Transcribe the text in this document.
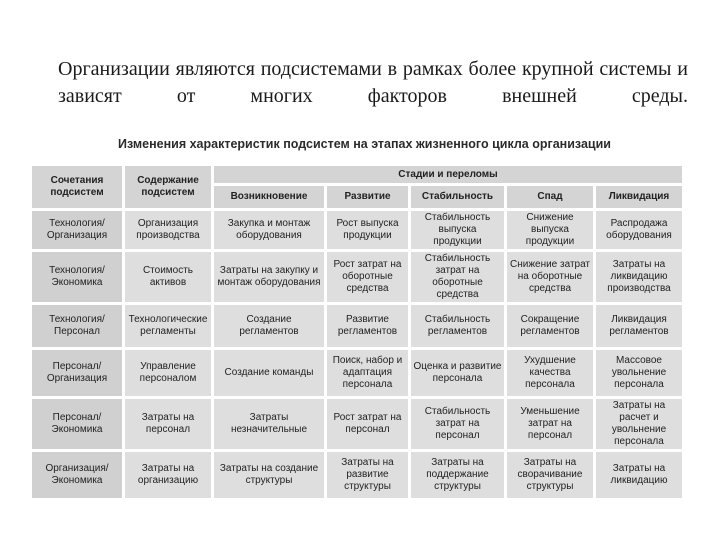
Организации являются подсистемами в рамках более крупной системы и зависят от многих факторов внешней среды.

Изменения характеристик подсистем на этапах жизненного цикла организации

Сочетания подсистем	Содержание подсистем	Стадии и переломы				
		Возникновение	Развитие	Стабильность	Спад	Ликвидация
Технология/ Организация	Организация производства	Закупка и монтаж оборудования	Рост выпуска продукции	Стабильность выпуска продукции	Снижение выпуска продукции	Распродажа оборудования
Технология/ Экономика	Стоимость активов	Затраты на закупку и монтаж оборудования	Рост затрат на оборотные средства	Стабильность затрат на оборотные средства	Снижение затрат на оборотные средства	Затраты на ликвидацию производства
Технология/ Персонал	Технологические регламенты	Создание регламентов	Развитие регламентов	Стабильность регламентов	Сокращение регламентов	Ликвидация регламентов
Персонал/ Организация	Управление персоналом	Создание команды	Поиск, набор и адаптация персонала	Оценка и развитие персонала	Ухудшение качества персонала	Массовое увольнение персонала
Персонал/ Экономика	Затраты на персонал	Затраты незначительные	Рост затрат на персонал	Стабильность затрат на персонал	Уменьшение затрат на персонал	Затраты на расчет и увольнение персонала
Организация/ Экономика	Затраты на организацию	Затраты на создание структуры	Затраты на развитие структуры	Затраты на поддержание структуры	Затраты на сворачивание структуры	Затраты на ликвидацию
